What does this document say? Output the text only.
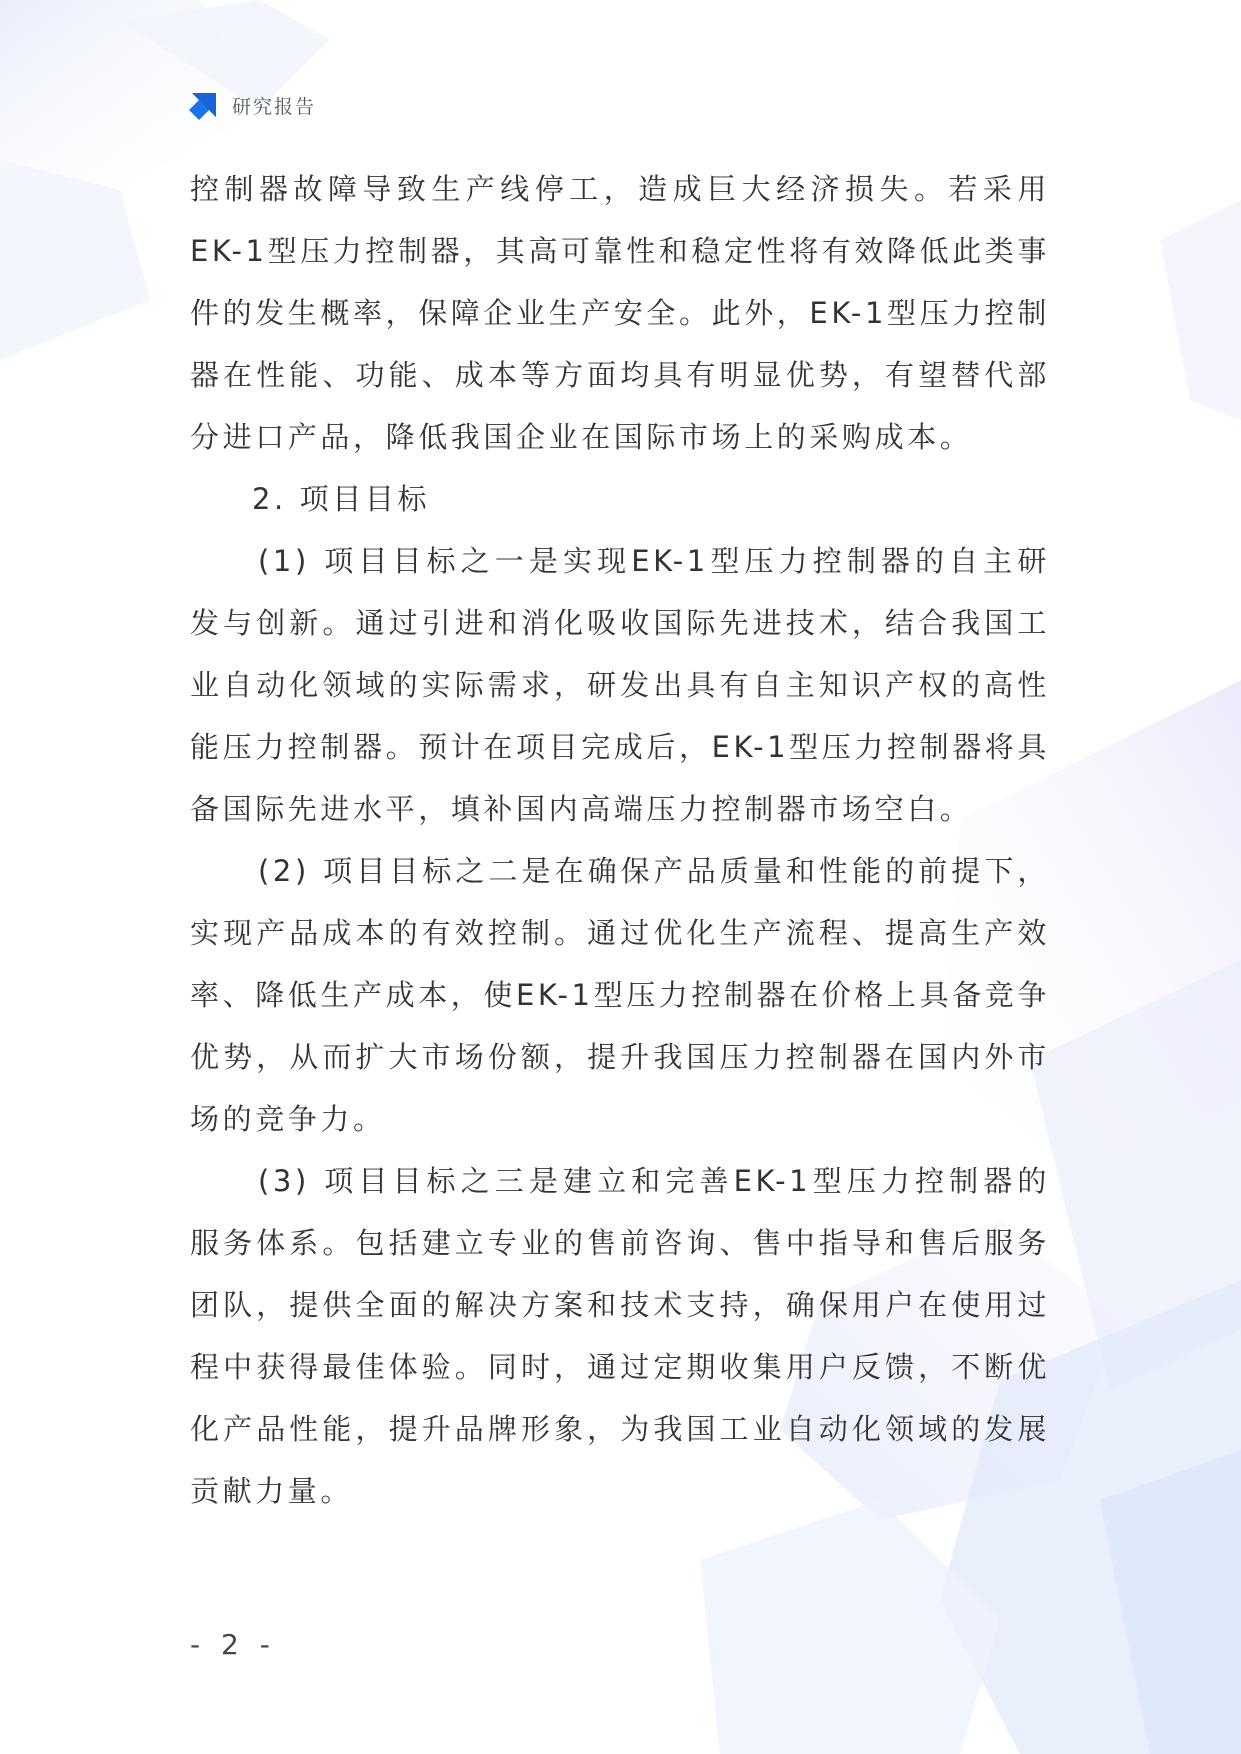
研究报告

控制器故障导致生产线停工，造成巨大经济损失。若采用EK-1型压力控制器，其高可靠性和稳定性将有效降低此类事件的发生概率，保障企业生产安全。此外，EK-1型压力控制器在性能、功能、成本等方面均具有明显优势，有望替代部分进口产品，降低我国企业在国际市场上的采购成本。

2. 项目目标

(1) 项目目标之一是实现EK-1型压力控制器的自主研发与创新。通过引进和消化吸收国际先进技术，结合我国工业自动化领域的实际需求，研发出具有自主知识产权的高性能压力控制器。预计在项目完成后，EK-1型压力控制器将具备国际先进水平，填补国内高端压力控制器市场空白。

(2) 项目目标之二是在确保产品质量和性能的前提下，实现产品成本的有效控制。通过优化生产流程、提高生产效率、降低生产成本，使EK-1型压力控制器在价格上具备竞争优势，从而扩大市场份额，提升我国压力控制器在国内外市场的竞争力。

(3) 项目目标之三是建立和完善EK-1型压力控制器的服务体系。包括建立专业的售前咨询、售中指导和售后服务团队，提供全面的解决方案和技术支持，确保用户在使用过程中获得最佳体验。同时，通过定期收集用户反馈，不断优化产品性能，提升品牌形象，为我国工业自动化领域的发展贡献力量。

- 2 -
